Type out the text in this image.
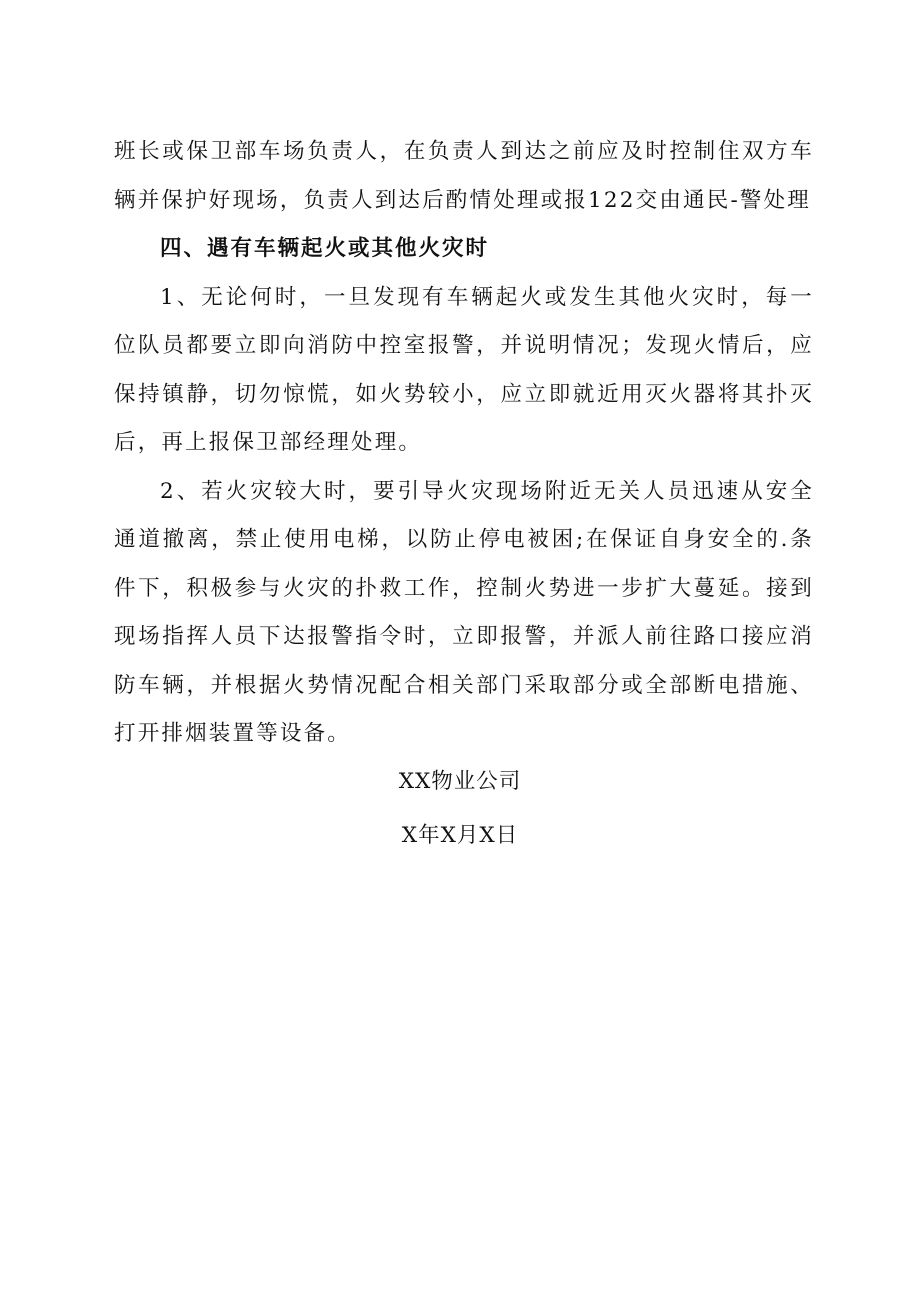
班长或保卫部车场负责人，在负责人到达之前应及时控制住双方车辆并保护好现场，负责人到达后酌情处理或报122交由通民-警处理

四、遇有车辆起火或其他火灾时

1、无论何时，一旦发现有车辆起火或发生其他火灾时，每一位队员都要立即向消防中控室报警，并说明情况；发现火情后，应保持镇静，切勿惊慌，如火势较小，应立即就近用灭火器将其扑灭后，再上报保卫部经理处理。

2、若火灾较大时，要引导火灾现场附近无关人员迅速从安全通道撤离，禁止使用电梯，以防止停电被困;在保证自身安全的.条件下，积极参与火灾的扑救工作，控制火势进一步扩大蔓延。接到现场指挥人员下达报警指令时，立即报警，并派人前往路口接应消防车辆，并根据火势情况配合相关部门采取部分或全部断电措施、打开排烟装置等设备。

XX物业公司
X年X月X日
